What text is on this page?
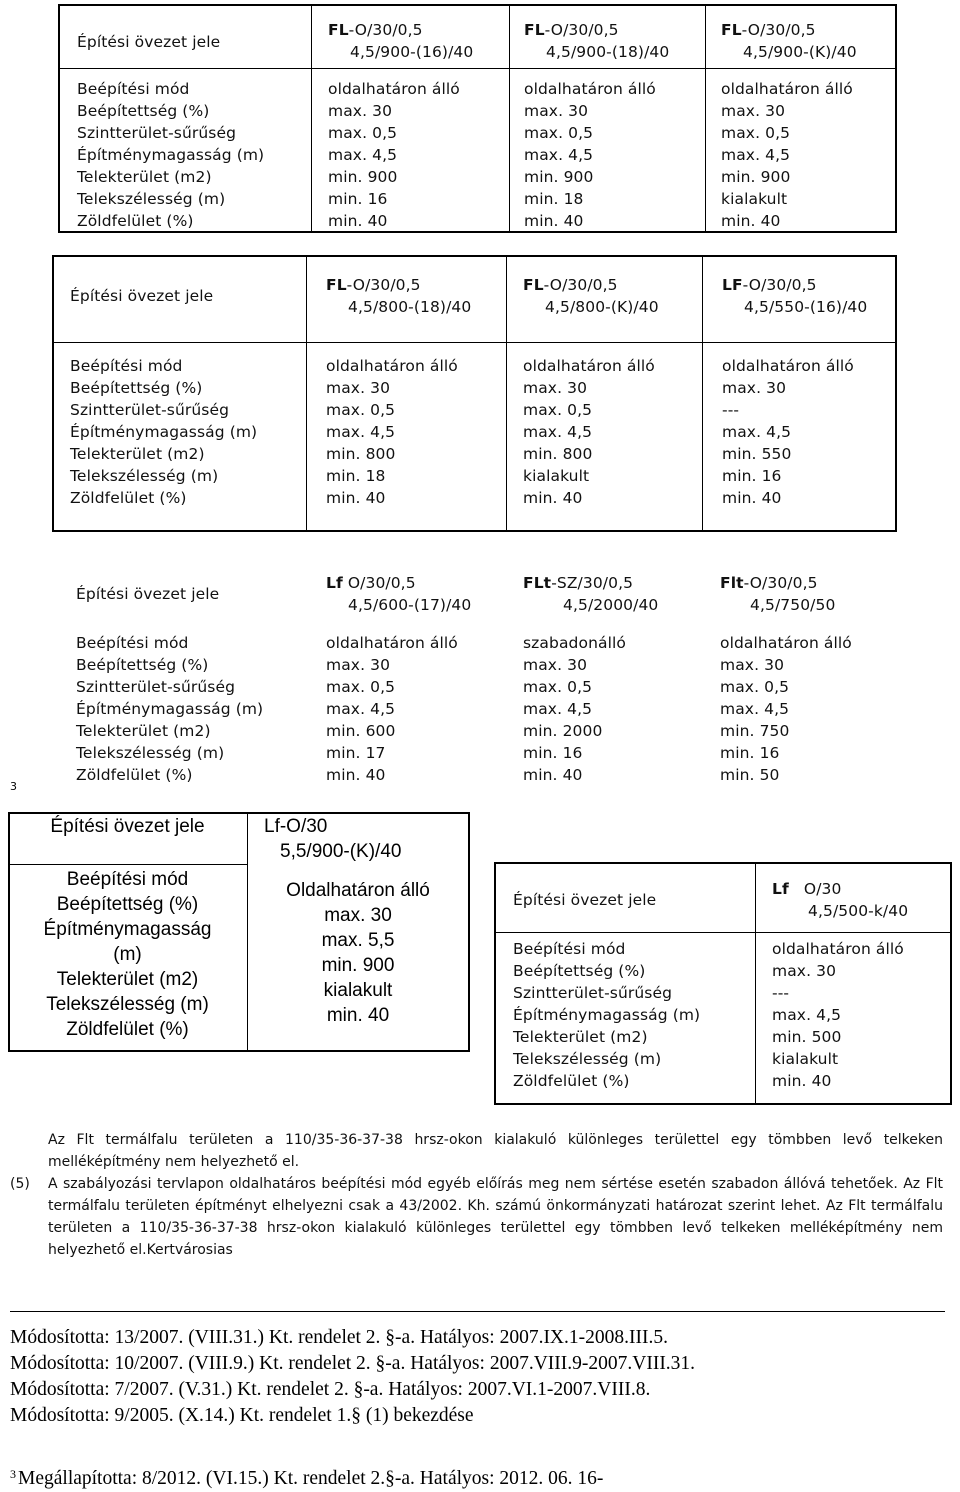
Építési övezet jele
FL-O/30/0,5
4,5/900-(16)/40
FL-O/30/0,5
4,5/900-(18)/40
FL-O/30/0,5
4,5/900-(K)/40
Beépítési mód
Beépítettség (%)
Szintterület-sűrűség
Építménymagasság (m)
Telekterület (m2)
Telekszélesség (m)
Zöldfelület (%)
oldalhatáron álló
max. 30
max. 0,5
max. 4,5
min. 900
min. 16
min. 40
oldalhatáron álló
max. 30
max. 0,5
max. 4,5
min. 900
min. 18
min. 40
oldalhatáron álló
max. 30
max. 0,5
max. 4,5
min. 900
kialakult
min. 40
Építési övezet jele
FL-O/30/0,5
4,5/800-(18)/40
FL-O/30/0,5
4,5/800-(K)/40
LF-O/30/0,5
4,5/550-(16)/40
Beépítési mód
Beépítettség (%)
Szintterület-sűrűség
Építménymagasság (m)
Telekterület (m2)
Telekszélesség (m)
Zöldfelület (%)
oldalhatáron álló
max. 30
max. 0,5
max. 4,5
min. 800
min. 18
min. 40
oldalhatáron álló
max. 30
max. 0,5
max. 4,5
min. 800
kialakult
min. 40
oldalhatáron álló
max. 30
---
max. 4,5
min. 550
min. 16
min. 40
Építési övezet jele
Lf O/30/0,5
4,5/600-(17)/40
FLt-SZ/30/0,5
4,5/2000/40
Flt-O/30/0,5
4,5/750/50
Beépítési mód
Beépítettség (%)
Szintterület-sűrűség
Építménymagasság (m)
Telekterület (m2)
Telekszélesség (m)
Zöldfelület (%)
oldalhatáron álló
max. 30
max. 0,5
max. 4,5
min. 600
min. 17
min. 40
szabadonálló
max. 30
max. 0,5
max. 4,5
min. 2000
min. 16
min. 40
oldalhatáron álló
max. 30
max. 0,5
max. 4,5
min. 750
min. 16
min. 50
3
Építési övezet jele	Lf-O/30
5,5/900-(K)/40
Beépítési mód
Beépítettség (%)
Építménymagasság
(m)
Telekterület (m2)
Telekszélesség (m)
Zöldfelület (%)
Oldalhatáron álló
max. 30
max. 5,5
min. 900
kialakult
min. 40
Építési övezet jele
Lf   O/30
4,5/500-k/40
Beépítési mód
Beépítettség (%)
Szintterület-sűrűség
Építménymagasság (m)
Telekterület (m2)
Telekszélesség (m)
Zöldfelület (%)
oldalhatáron álló
max. 30
---
max. 4,5
min. 500
kialakult
min. 40
Az Flt termálfalu területen a 110/35-36-37-38 hrsz-okon kialakuló különleges területtel egy tömbben levő telkeken melléképítmény nem helyezhető el.
(5) A szabályozási tervlapon oldalhatáros beépítési mód egyéb előírás meg nem sértése esetén szabadon állóvá tehetőek. Az Flt termálfalu területen építményt elhelyezni csak a 43/2002. Kh. számú önkormányzati határozat szerint lehet. Az Flt termálfalu területen a 110/35-36-37-38 hrsz-okon kialakuló különleges területtel egy tömbben levő telkeken melléképítmény nem helyezhető el.Kertvárosias
Módosította: 13/2007. (VIII.31.) Kt. rendelet 2. §-a. Hatályos: 2007.IX.1-2008.III.5.
Módosította: 10/2007. (VIII.9.) Kt. rendelet 2. §-a. Hatályos: 2007.VIII.9-2007.VIII.31.
Módosította: 7/2007. (V.31.) Kt. rendelet 2. §-a. Hatályos: 2007.VI.1-2007.VIII.8.
Módosította: 9/2005. (X.14.) Kt. rendelet 1.§ (1) bekezdése
$^3$ Megállapította: 8/2012. (VI.15.) Kt. rendelet 2.§-a. Hatályos: 2012. 06. 16-
